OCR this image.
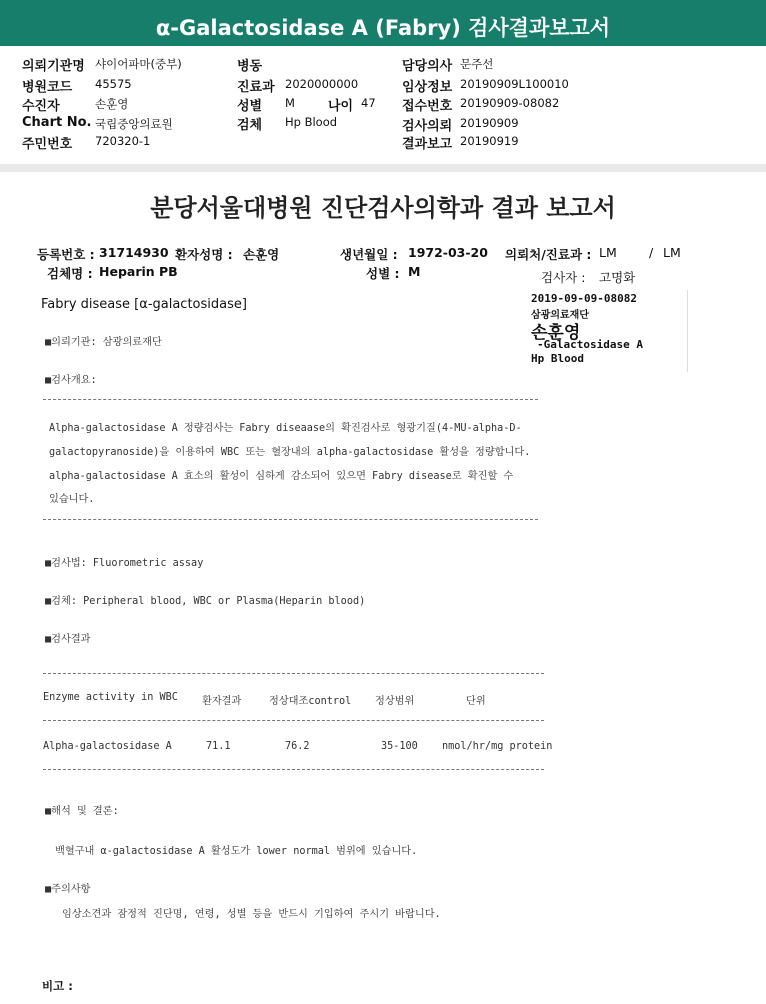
α-Galactosidase A (Fabry) 검사결과보고서
의뢰기관명 샤이어파마(중부)
병원코드 45575
수진자	손훈영
Chart No. 국립중앙의료원
주민번호 720320-1
병동
진료과 2020000000
성별 M	나이 47
검체 Hp Blood
담당의사 문주선
임상정보 20190909L100010
접수번호 20190909-08082
검사의뢰 20190909
결과보고 20190919
분당서울대병원 진단검사의학과 결과 보고서
등록번호 : 31714930 환자성명 : 손훈영	생년월일 : 1972-03-20 의뢰처/진료과 : LM	/ LM
검체명 : Heparin PB	성별 : M	검사자 : 고명화
Fabry disease [α-galactosidase]	2019-09-09-08082
삼광의료재단
손훈영
-Galactosidase A
Hp Blood
■의뢰기관: 삼광의료재단
■검사개요:
Alpha-galactosidase A 정량검사는 Fabry diseaase의 확진검사로 형광기질(4-MU-alpha-D-
galactopyranoside)을 이용하여 WBC 또는 혈장내의 alpha-galactosidase 활성을 정량합니다.
alpha-galactosidase A 효소의 활성이 심하게 감소되어 있으면 Fabry disease로 확진할 수
있습니다.
■검사법: Fluorometric assay
■검체: Peripheral blood, WBC or Plasma(Heparin blood)
■검사결과
Enzyme activity in WBC 환자결과	정상대조control 정상범위	단위
Alpha-galactosidase A	71.1	76.2	35-100 nmol/hr/mg protein
■해석 및 결론:
백혈구내 α-galactosidase A 활성도가 lower normal 범위에 있습니다.
■주의사항
임상소견과 잠정적 진단명, 연령, 성별 등을 반드시 기입하여 주시기 바랍니다.
비고 :
